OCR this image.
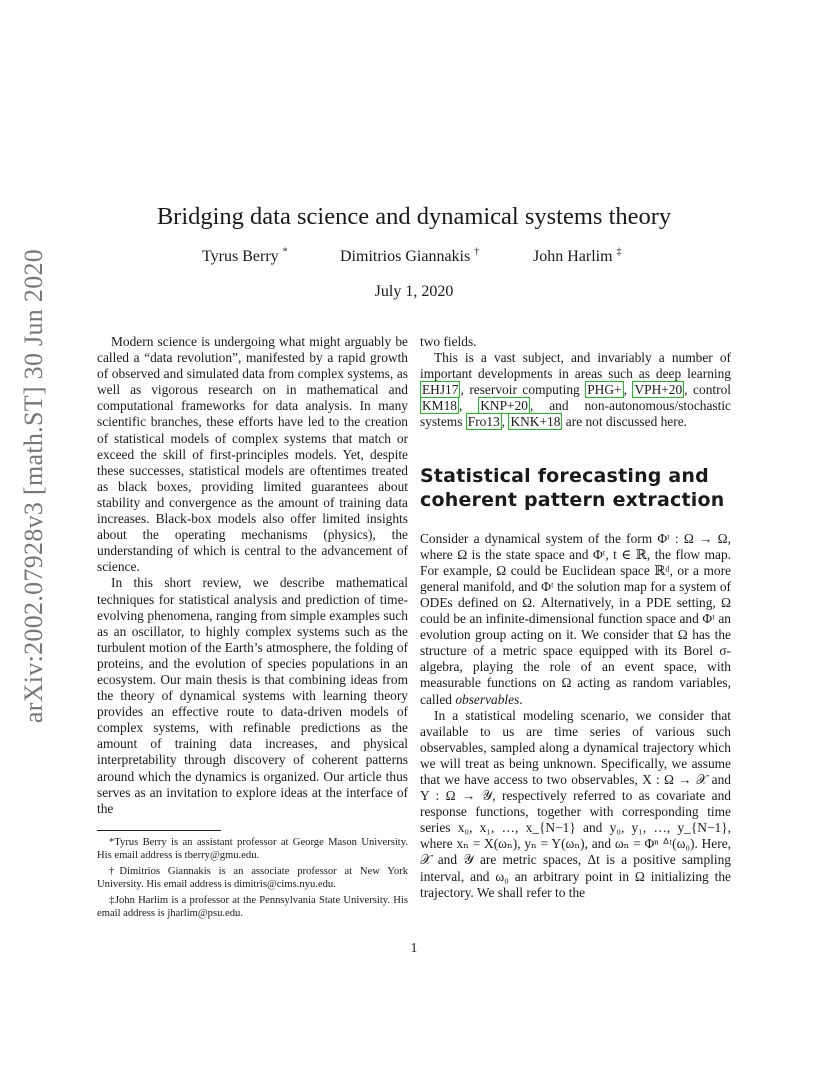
arXiv:2002.07928v3 [math.ST] 30 Jun 2020
Bridging data science and dynamical systems theory
Tyrus Berry *	Dimitrios Giannakis †	John Harlim ‡
July 1, 2020

Modern science is undergoing what might arguably be called a “data revolution”, manifested by a rapid growth of observed and simulated data from complex systems, as well as vigorous research on in mathematical and computational frameworks for data analysis. In many scientific branches, these efforts have led to the creation of statistical models of complex systems that match or exceed the skill of first-principles models. Yet, despite these successes, statistical models are oftentimes treated as black boxes, providing limited guarantees about stability and convergence as the amount of training data increases. Black-box models also offer limited insights about the operating mechanisms (physics), the understanding of which is central to the advancement of science.

In this short review, we describe mathematical techniques for statistical analysis and prediction of time-evolving phenomena, ranging from simple examples such as an oscillator, to highly complex systems such as the turbulent motion of the Earth’s atmosphere, the folding of proteins, and the evolution of species populations in an ecosystem. Our main thesis is that combining ideas from the theory of dynamical systems with learning theory provides an effective route to data-driven models of complex systems, with refinable predictions as the amount of training data increases, and physical interpretability through discovery of coherent patterns around which the dynamics is organized. Our article thus serves as an invitation to explore ideas at the interface of the

two fields.

This is a vast subject, and invariably a number of important developments in areas such as deep learning EHJ17 , reservoir computing PHG+ , VPH+20 , control KM18 , KNP+20 , and non-autonomous/stochastic systems Fro13 , KNK+18 are not discussed here.

Statistical forecasting and coherent pattern extraction

Consider a dynamical system of the form Φᵗ : Ω → Ω, where Ω is the state space and Φᵗ, t ∈ ℝ, the flow map. For example, Ω could be Euclidean space ℝᵈ, or a more general manifold, and Φᵗ the solution map for a system of ODEs defined on Ω. Alternatively, in a PDE setting, Ω could be an infinite-dimensional function space and Φᵗ an evolution group acting on it. We consider that Ω has the structure of a metric space equipped with its Borel σ-algebra, playing the role of an event space, with measurable functions on Ω acting as random variables, called observables.

In a statistical modeling scenario, we consider that available to us are time series of various such observables, sampled along a dynamical trajectory which we will treat as being unknown. Specifically, we assume that we have access to two observables, X : Ω → 𝒳 and Y : Ω → 𝒴, respectively referred to as covariate and response functions, together with corresponding time series x₀, x₁, …, x_{N−1} and y₀, y₁, …, y_{N−1}, where xₙ = X(ωₙ), yₙ = Y(ωₙ), and ωₙ = Φⁿ ᐞᵗ(ω₀). Here, 𝒳 and 𝒴 are metric spaces, Δt is a positive sampling interval, and ω₀ an arbitrary point in Ω initializing the trajectory. We shall refer to the

*Tyrus Berry is an assistant professor at George Mason University. His email address is tberry@gmu.edu.

†Dimitrios Giannakis is an associate professor at New York University. His email address is dimitris@cims.nyu.edu.

‡John Harlim is a professor at the Pennsylvania State University. His email address is jharlim@psu.edu.

1
